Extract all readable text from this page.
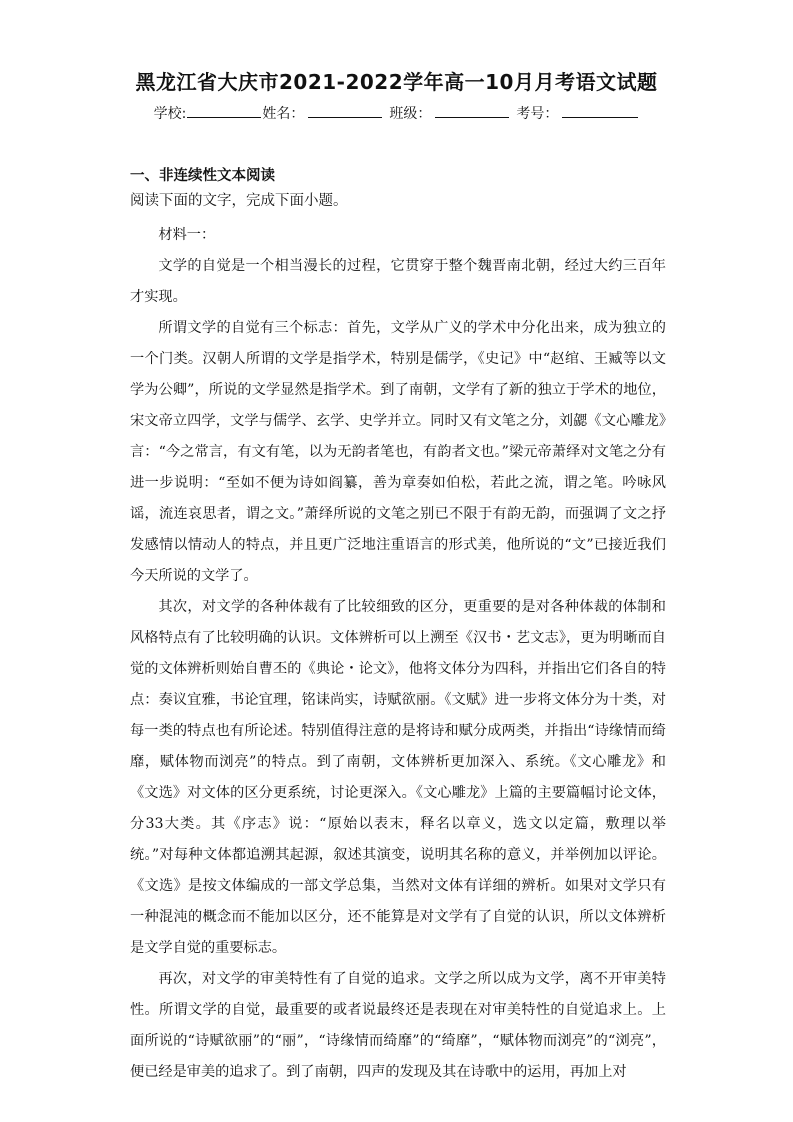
黑龙江省大庆市2021-2022学年高一10月月考语文试题
学校:	姓名：	班级：	考号：
一、非连续性文本阅读
阅读下面的文字，完成下面小题。

材料一：

文学的自觉是一个相当漫长的过程，它贯穿于整个魏晋南北朝，经过大约三百年才实现。

所谓文学的自觉有三个标志：首先，文学从广义的学术中分化出来，成为独立的一个门类。汉朝人所谓的文学是指学术，特别是儒学，《史记》中“赵绾、王臧等以文学为公卿”，所说的文学显然是指学术。到了南朝，文学有了新的独立于学术的地位，宋文帝立四学，文学与儒学、玄学、史学并立。同时又有文笔之分，刘勰《文心雕龙》言：“今之常言，有文有笔，以为无韵者笔也，有韵者文也。”梁元帝萧绎对文笔之分有进一步说明：“至如不便为诗如阎纂，善为章奏如伯松，若此之流，谓之笔。吟咏风谣，流连哀思者，谓之文。”萧绎所说的文笔之别已不限于有韵无韵，而强调了文之抒发感情以情动人的特点，并且更广泛地注重语言的形式美，他所说的“文”已接近我们今天所说的文学了。

其次，对文学的各种体裁有了比较细致的区分，更重要的是对各种体裁的体制和风格特点有了比较明确的认识。文体辨析可以上溯至《汉书・艺文志》，更为明晰而自觉的文体辨析则始自曹丕的《典论・论文》，他将文体分为四科，并指出它们各自的特点：奏议宜雅，书论宜理，铭诔尚实，诗赋欲丽。《文赋》进一步将文体分为十类，对每一类的特点也有所论述。特别值得注意的是将诗和赋分成两类，并指出“诗缘情而绮靡，赋体物而浏亮”的特点。到了南朝，文体辨析更加深入、系统。《文心雕龙》和《文选》对文体的区分更系统，讨论更深入。《文心雕龙》上篇的主要篇幅讨论文体，分33大类。其《序志》说：“原始以表末，释名以章义，选文以定篇，敷理以举统。”对每种文体都追溯其起源，叙述其演变，说明其名称的意义，并举例加以评论。《文选》是按文体编成的一部文学总集，当然对文体有详细的辨析。如果对文学只有一种混沌的概念而不能加以区分，还不能算是对文学有了自觉的认识，所以文体辨析是文学自觉的重要标志。

再次，对文学的审美特性有了自觉的追求。文学之所以成为文学，离不开审美特性。所谓文学的自觉，最重要的或者说最终还是表现在对审美特性的自觉追求上。上面所说的“诗赋欲丽”的“丽”，“诗缘情而绮靡”的“绮靡”，“赋体物而浏亮”的“浏亮”，便已经是审美的追求了。到了南朝，四声的发现及其在诗歌中的运用，再加上对
